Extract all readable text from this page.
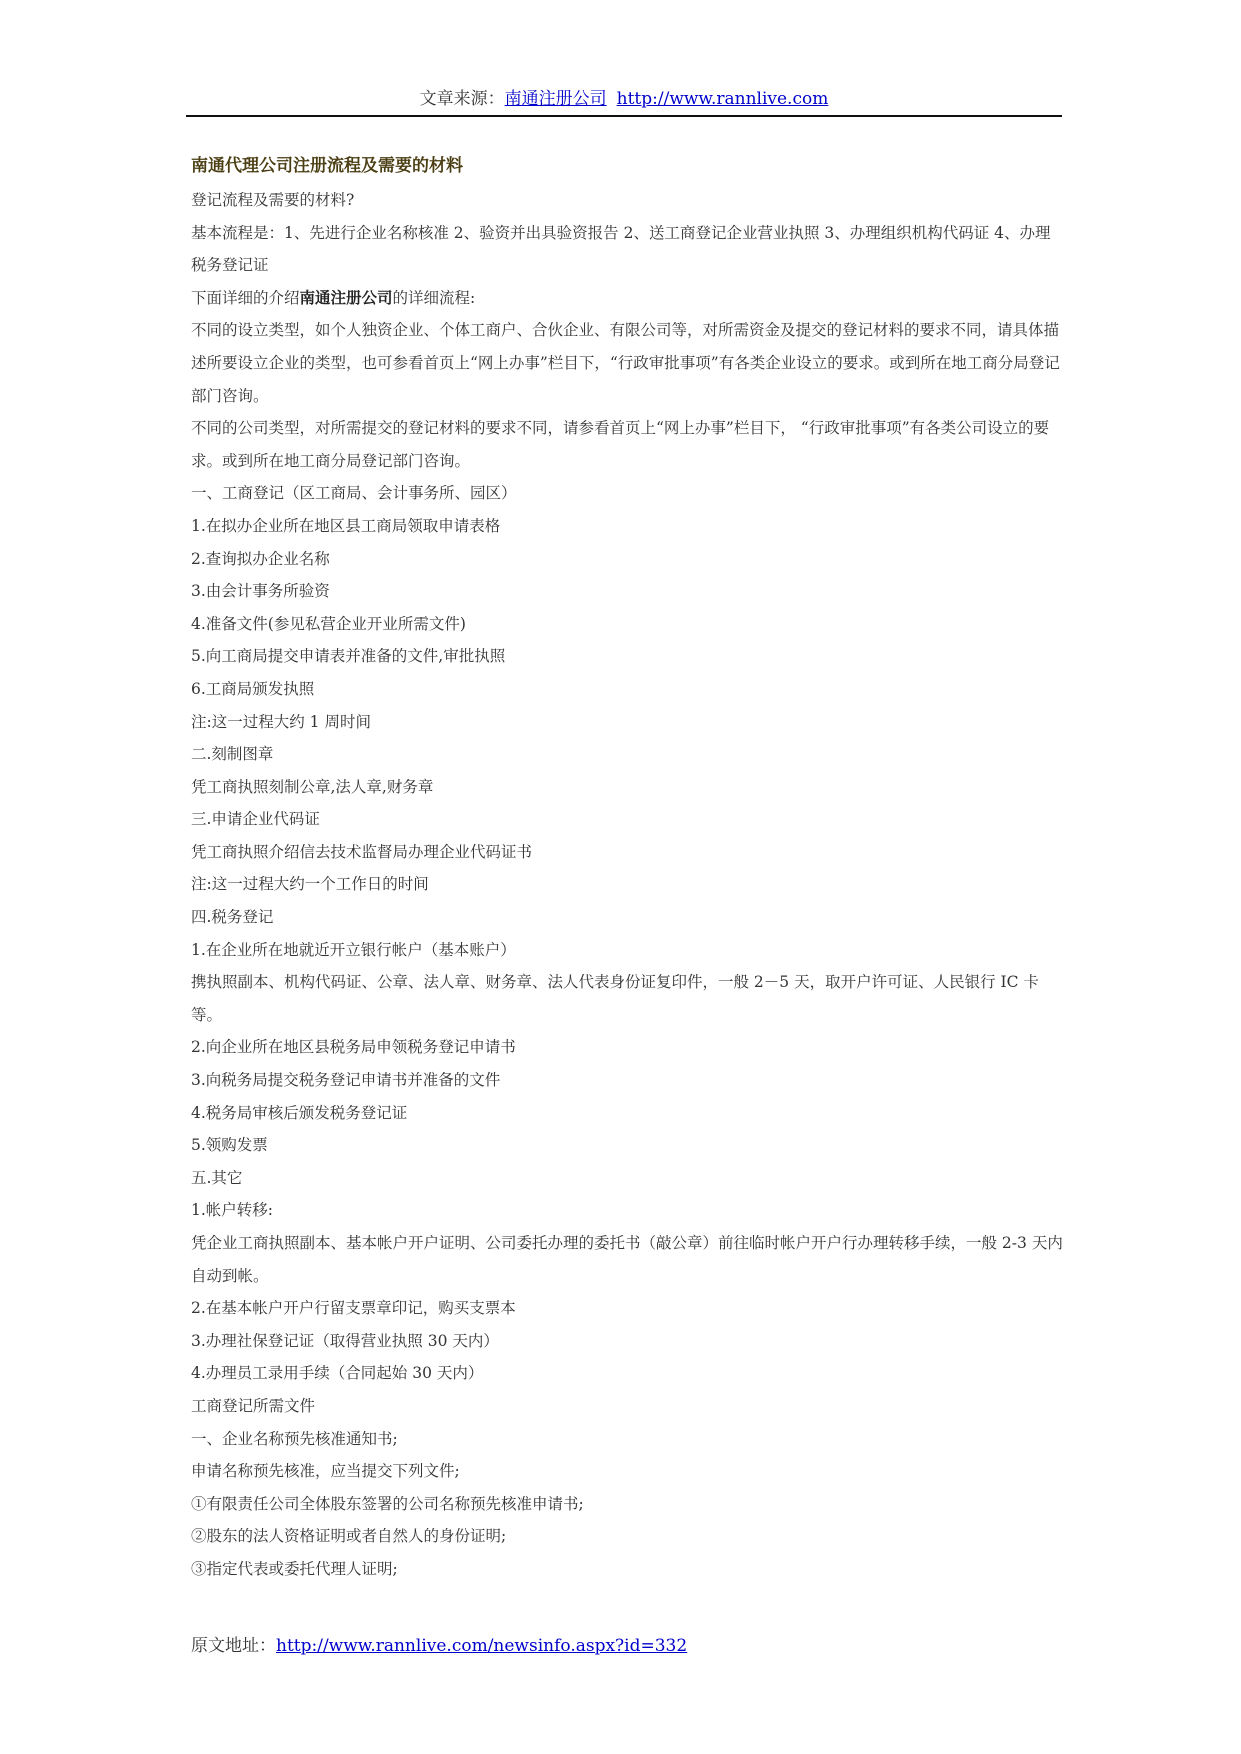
文章来源：南通注册公司 http://www.rannlive.com
南通代理公司注册流程及需要的材料

登记流程及需要的材料?

基本流程是：1、先进行企业名称核准 2、验资并出具验资报告 2、送工商登记企业营业执照 3、办理组织机构代码证 4、办理税务登记证

下面详细的介绍南通注册公司的详细流程:

不同的设立类型，如个人独资企业、个体工商户、合伙企业、有限公司等，对所需资金及提交的登记材料的要求不同，请具体描述所要设立企业的类型，也可参看首页上“网上办事”栏目下，“行政审批事项”有各类企业设立的要求。或到所在地工商分局登记部门咨询。

不同的公司类型，对所需提交的登记材料的要求不同，请参看首页上“网上办事”栏目下， “行政审批事项”有各类公司设立的要求。或到所在地工商分局登记部门咨询。

一、工商登记（区工商局、会计事务所、园区）

1.在拟办企业所在地区县工商局领取申请表格

2.查询拟办企业名称

3.由会计事务所验资

4.准备文件(参见私营企业开业所需文件)

5.向工商局提交申请表并准备的文件,审批执照

6.工商局颁发执照

注:这一过程大约 1 周时间

二.刻制图章

凭工商执照刻制公章,法人章,财务章

三.申请企业代码证

凭工商执照介绍信去技术监督局办理企业代码证书

注:这一过程大约一个工作日的时间

四.税务登记

1.在企业所在地就近开立银行帐户（基本账户）

携执照副本、机构代码证、公章、法人章、财务章、法人代表身份证复印件，一般 2－5 天，取开户许可证、人民银行 IC 卡等。

2.向企业所在地区县税务局申领税务登记申请书

3.向税务局提交税务登记申请书并准备的文件

4.税务局审核后颁发税务登记证

5.领购发票

五.其它

1.帐户转移:

凭企业工商执照副本、基本帐户开户证明、公司委托办理的委托书（敲公章）前往临时帐户开户行办理转移手续，一般 2-3 天内自动到帐。

2.在基本帐户开户行留支票章印记，购买支票本

3.办理社保登记证（取得营业执照 30 天内）

4.办理员工录用手续（合同起始 30 天内）

工商登记所需文件

一、企业名称预先核准通知书;

申请名称预先核准，应当提交下列文件;

①有限责任公司全体股东签署的公司名称预先核准申请书;

②股东的法人资格证明或者自然人的身份证明;

③指定代表或委托代理人证明;

原文地址：http://www.rannlive.com/newsinfo.aspx?id=332
